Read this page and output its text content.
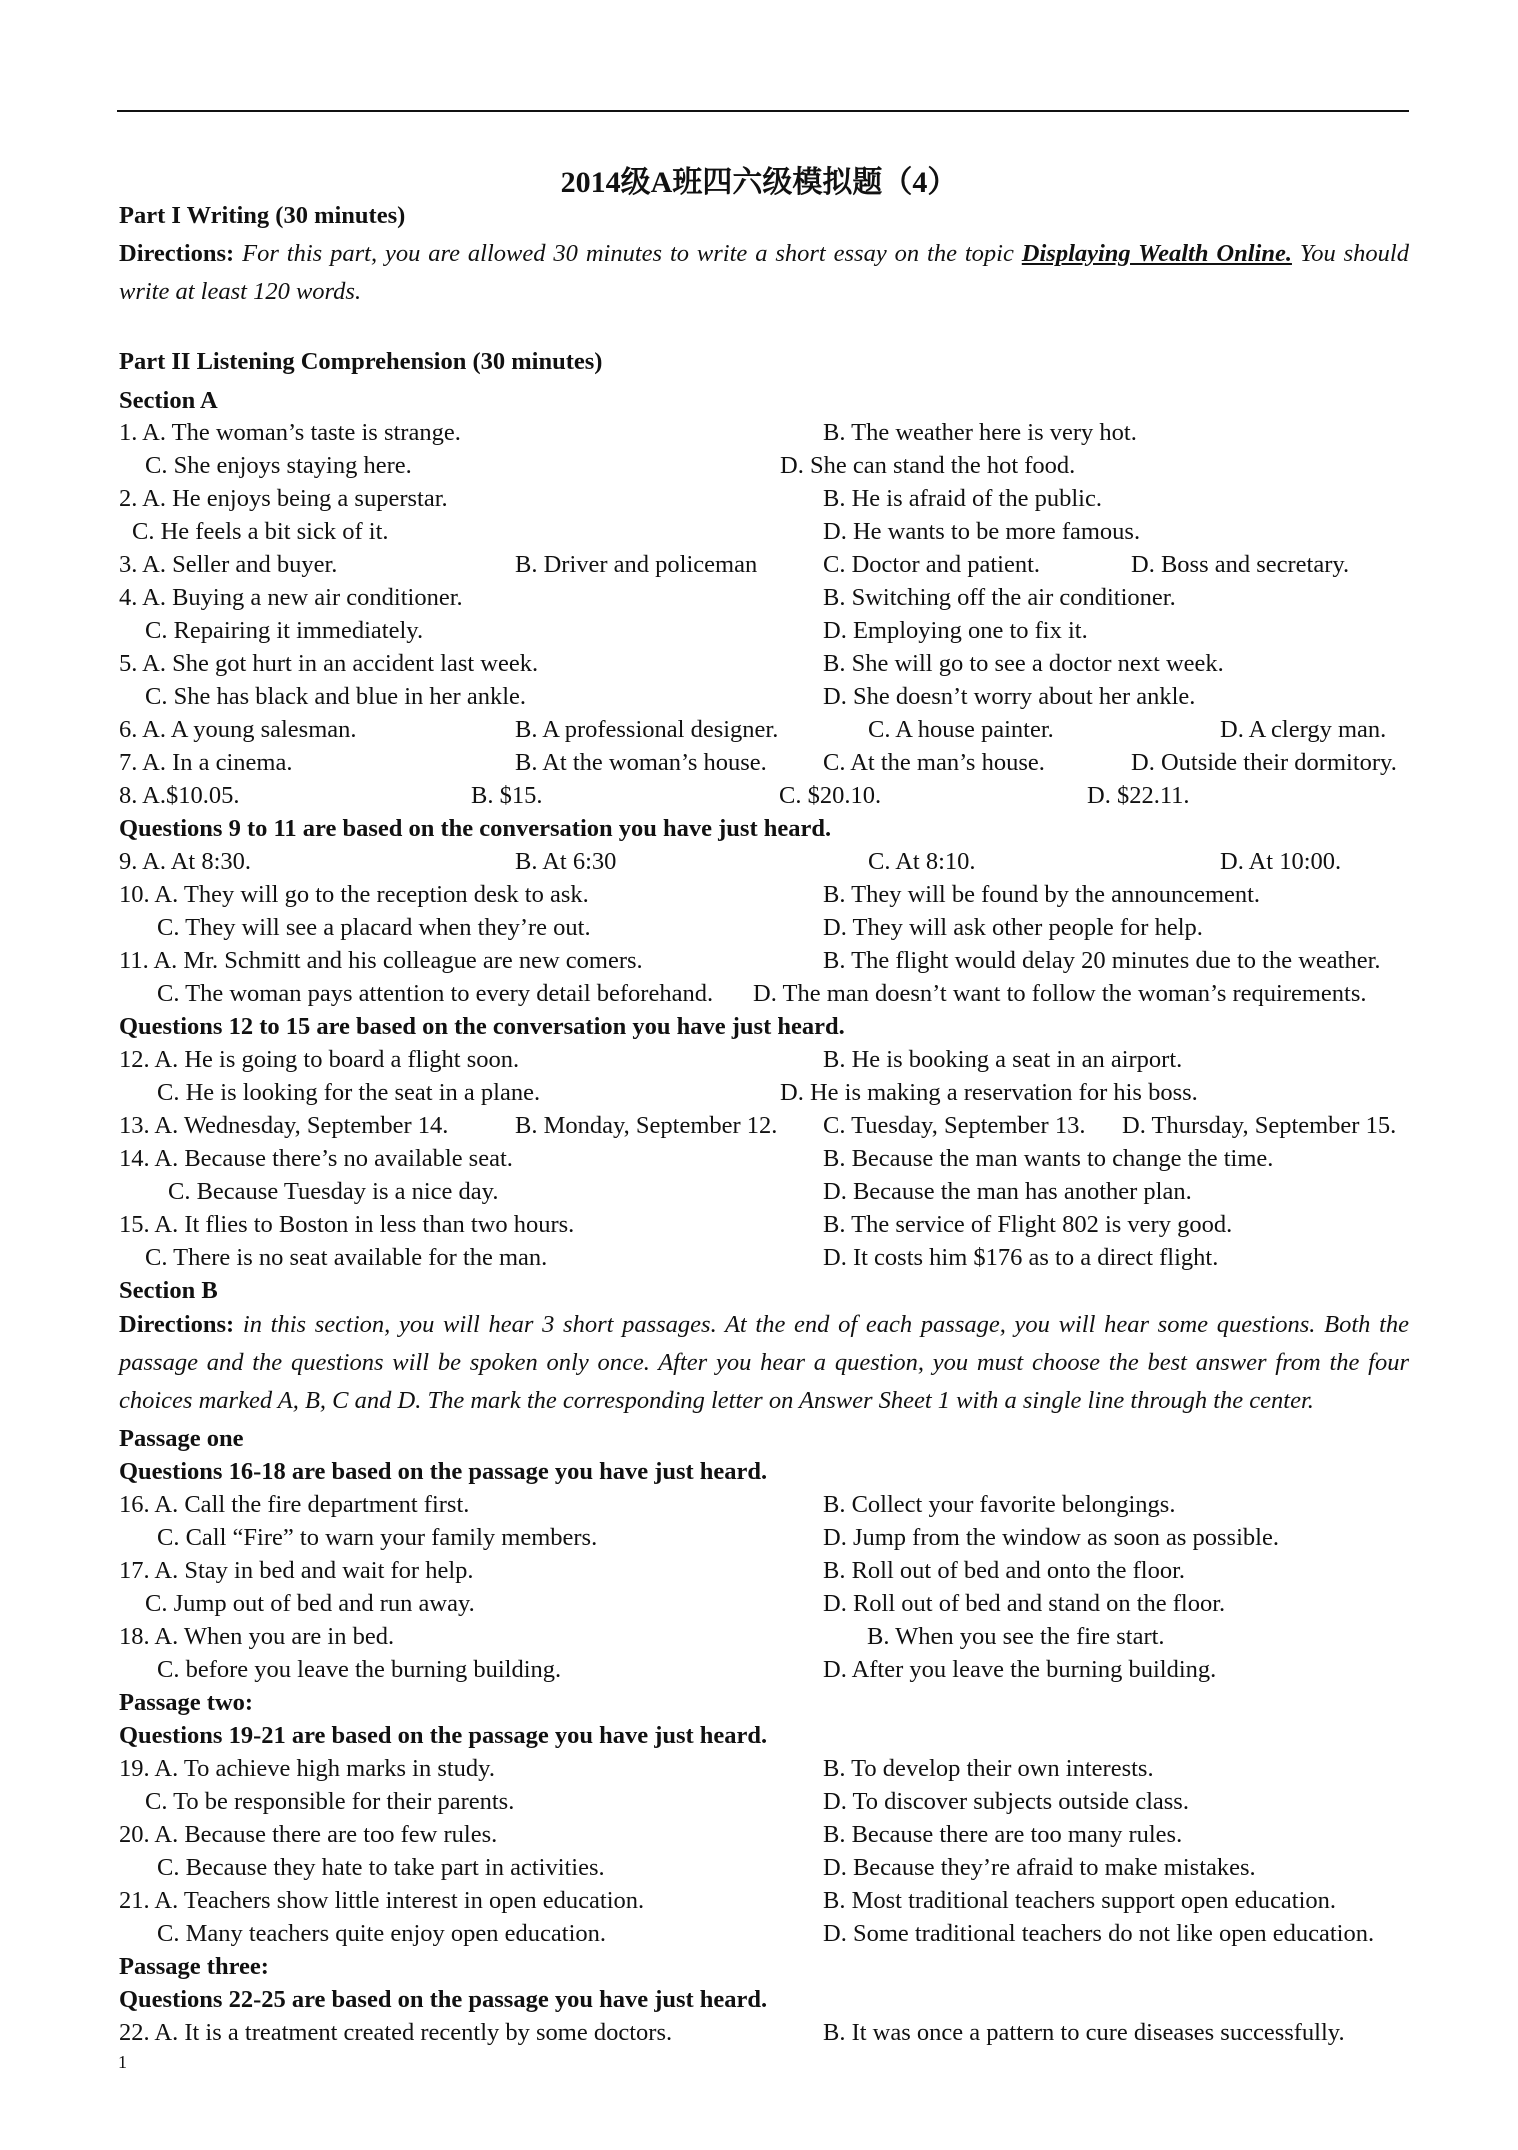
2014级A班四六级模拟题（4）
Part I Writing (30 minutes)
Directions: For this part, you are allowed 30 minutes to write a short essay on the topic Displaying Wealth Online. You should write at least 120 words.
Part II Listening Comprehension (30 minutes)
Section A
1. A. The woman’s taste is strange.	B. The weather here is very hot.
C. She enjoys staying here.	D. She can stand the hot food.
2. A. He enjoys being a superstar.	B. He is afraid of the public.
C. He feels a bit sick of it.	D. He wants to be more famous.
3. A. Seller and buyer.	B. Driver and policeman	C. Doctor and patient.	D. Boss and secretary.
4. A. Buying a new air conditioner.	B. Switching off the air conditioner.
C. Repairing it immediately.	D. Employing one to fix it.
5. A. She got hurt in an accident last week.	B. She will go to see a doctor next week.
C. She has black and blue in her ankle.	D. She doesn’t worry about her ankle.
6. A. A young salesman.	B. A professional designer.	C. A house painter.	D. A clergy man.
7. A. In a cinema.	B. At the woman’s house. C. At the man’s house.	D. Outside their dormitory.
8. A.$10.05.	B. $15.	C. $20.10.	D. $22.11.
Questions 9 to 11 are based on the conversation you have just heard.
9. A. At 8:30.	B. At 6:30	C. At 8:10.	D. At 10:00.
10. A. They will go to the reception desk to ask.	B. They will be found by the announcement.
C. They will see a placard when they’re out.	D. They will ask other people for help.
11. A. Mr. Schmitt and his colleague are new comers.	B. The flight would delay 20 minutes due to the weather.
C. The woman pays attention to every detail beforehand. D. The man doesn’t want to follow the woman’s requirements.
Questions 12 to 15 are based on the conversation you have just heard.
12. A. He is going to board a flight soon.	B. He is booking a seat in an airport.
C. He is looking for the seat in a plane.	D. He is making a reservation for his boss.
13. A. Wednesday, September 14.	B. Monday, September 12. C. Tuesday, September 13. D. Thursday, September 15.
14. A. Because there’s no available seat.	B. Because the man wants to change the time.
C. Because Tuesday is a nice day.	D. Because the man has another plan.
15. A. It flies to Boston in less than two hours.	B. The service of Flight 802 is very good.
C. There is no seat available for the man.	D. It costs him $176 as to a direct flight.
Section B
Directions: in this section, you will hear 3 short passages. At the end of each passage, you will hear some questions. Both the passage and the questions will be spoken only once. After you hear a question, you must choose the best answer from the four choices marked A, B, C and D. The mark the corresponding letter on Answer Sheet 1 with a single line through the center.
Passage one
Questions 16-18 are based on the passage you have just heard.
16. A. Call the fire department first.	B. Collect your favorite belongings.
C. Call “Fire” to warn your family members.	D. Jump from the window as soon as possible.
17. A. Stay in bed and wait for help.	B. Roll out of bed and onto the floor.
C. Jump out of bed and run away.	D. Roll out of bed and stand on the floor.
18. A. When you are in bed.	B. When you see the fire start.
C. before you leave the burning building.	D. After you leave the burning building.
Passage two:
Questions 19-21 are based on the passage you have just heard.
19. A. To achieve high marks in study.	B. To develop their own interests.
C. To be responsible for their parents.	D. To discover subjects outside class.
20. A. Because there are too few rules.	B. Because there are too many rules.
C. Because they hate to take part in activities.	D. Because they’re afraid to make mistakes.
21. A. Teachers show little interest in open education.	B. Most traditional teachers support open education.
C. Many teachers quite enjoy open education.	D. Some traditional teachers do not like open education.
Passage three:
Questions 22-25 are based on the passage you have just heard.
22. A. It is a treatment created recently by some doctors.	B. It was once a pattern to cure diseases successfully.
1
